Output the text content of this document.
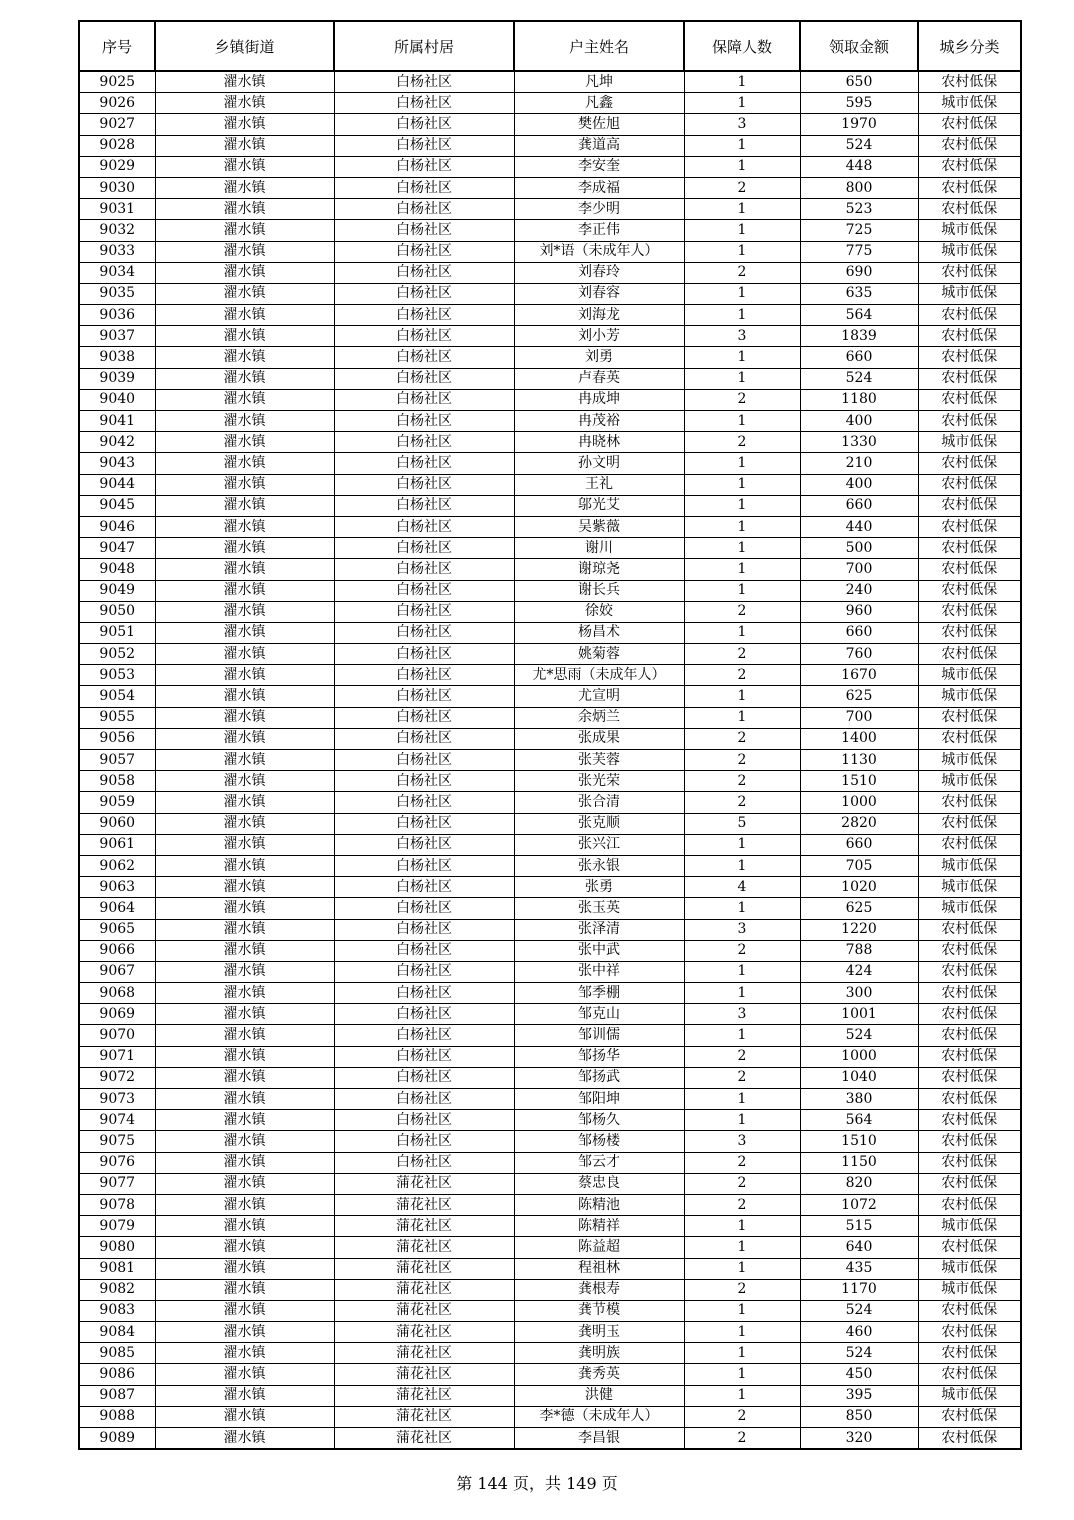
序号	乡镇街道	所属村居	户主姓名	保障人数	领取金额	城乡分类
9025	濯水镇	白杨社区	凡坤	1	650	农村低保
9026	濯水镇	白杨社区	凡鑫	1	595	城市低保
9027	濯水镇	白杨社区	樊佐旭	3	1970	农村低保
9028	濯水镇	白杨社区	龚道高	1	524	农村低保
9029	濯水镇	白杨社区	李安奎	1	448	农村低保
9030	濯水镇	白杨社区	李成福	2	800	农村低保
9031	濯水镇	白杨社区	李少明	1	523	农村低保
9032	濯水镇	白杨社区	李正伟	1	725	城市低保
9033	濯水镇	白杨社区	刘*语（未成年人）	1	775	城市低保
9034	濯水镇	白杨社区	刘春玲	2	690	农村低保
9035	濯水镇	白杨社区	刘春容	1	635	城市低保
9036	濯水镇	白杨社区	刘海龙	1	564	农村低保
9037	濯水镇	白杨社区	刘小芳	3	1839	农村低保
9038	濯水镇	白杨社区	刘勇	1	660	农村低保
9039	濯水镇	白杨社区	卢春英	1	524	农村低保
9040	濯水镇	白杨社区	冉成坤	2	1180	农村低保
9041	濯水镇	白杨社区	冉茂裕	1	400	农村低保
9042	濯水镇	白杨社区	冉晓林	2	1330	城市低保
9043	濯水镇	白杨社区	孙文明	1	210	农村低保
9044	濯水镇	白杨社区	王礼	1	400	农村低保
9045	濯水镇	白杨社区	邬光艾	1	660	农村低保
9046	濯水镇	白杨社区	吴紫薇	1	440	农村低保
9047	濯水镇	白杨社区	谢川	1	500	农村低保
9048	濯水镇	白杨社区	谢琼尧	1	700	农村低保
9049	濯水镇	白杨社区	谢长兵	1	240	农村低保
9050	濯水镇	白杨社区	徐姣	2	960	农村低保
9051	濯水镇	白杨社区	杨昌术	1	660	农村低保
9052	濯水镇	白杨社区	姚菊蓉	2	760	农村低保
9053	濯水镇	白杨社区	尤*思雨（未成年人）	2	1670	城市低保
9054	濯水镇	白杨社区	尤宣明	1	625	城市低保
9055	濯水镇	白杨社区	余炳兰	1	700	农村低保
9056	濯水镇	白杨社区	张成果	2	1400	农村低保
9057	濯水镇	白杨社区	张芙蓉	2	1130	城市低保
9058	濯水镇	白杨社区	张光荣	2	1510	城市低保
9059	濯水镇	白杨社区	张合清	2	1000	农村低保
9060	濯水镇	白杨社区	张克顺	5	2820	农村低保
9061	濯水镇	白杨社区	张兴江	1	660	农村低保
9062	濯水镇	白杨社区	张永银	1	705	城市低保
9063	濯水镇	白杨社区	张勇	4	1020	城市低保
9064	濯水镇	白杨社区	张玉英	1	625	城市低保
9065	濯水镇	白杨社区	张泽清	3	1220	农村低保
9066	濯水镇	白杨社区	张中武	2	788	农村低保
9067	濯水镇	白杨社区	张中祥	1	424	农村低保
9068	濯水镇	白杨社区	邹季棚	1	300	农村低保
9069	濯水镇	白杨社区	邹克山	3	1001	农村低保
9070	濯水镇	白杨社区	邹训儒	1	524	农村低保
9071	濯水镇	白杨社区	邹扬华	2	1000	农村低保
9072	濯水镇	白杨社区	邹扬武	2	1040	农村低保
9073	濯水镇	白杨社区	邹阳坤	1	380	农村低保
9074	濯水镇	白杨社区	邹杨久	1	564	农村低保
9075	濯水镇	白杨社区	邹杨楼	3	1510	农村低保
9076	濯水镇	白杨社区	邹云才	2	1150	农村低保
9077	濯水镇	蒲花社区	蔡忠良	2	820	农村低保
9078	濯水镇	蒲花社区	陈精池	2	1072	农村低保
9079	濯水镇	蒲花社区	陈精祥	1	515	城市低保
9080	濯水镇	蒲花社区	陈益超	1	640	农村低保
9081	濯水镇	蒲花社区	程祖林	1	435	城市低保
9082	濯水镇	蒲花社区	龚根寿	2	1170	城市低保
9083	濯水镇	蒲花社区	龚节模	1	524	农村低保
9084	濯水镇	蒲花社区	龚明玉	1	460	农村低保
9085	濯水镇	蒲花社区	龚明族	1	524	农村低保
9086	濯水镇	蒲花社区	龚秀英	1	450	农村低保
9087	濯水镇	蒲花社区	洪健	1	395	城市低保
9088	濯水镇	蒲花社区	李*德（未成年人）	2	850	农村低保
9089	濯水镇	蒲花社区	李昌银	2	320	农村低保
第 144 页，共 149 页
